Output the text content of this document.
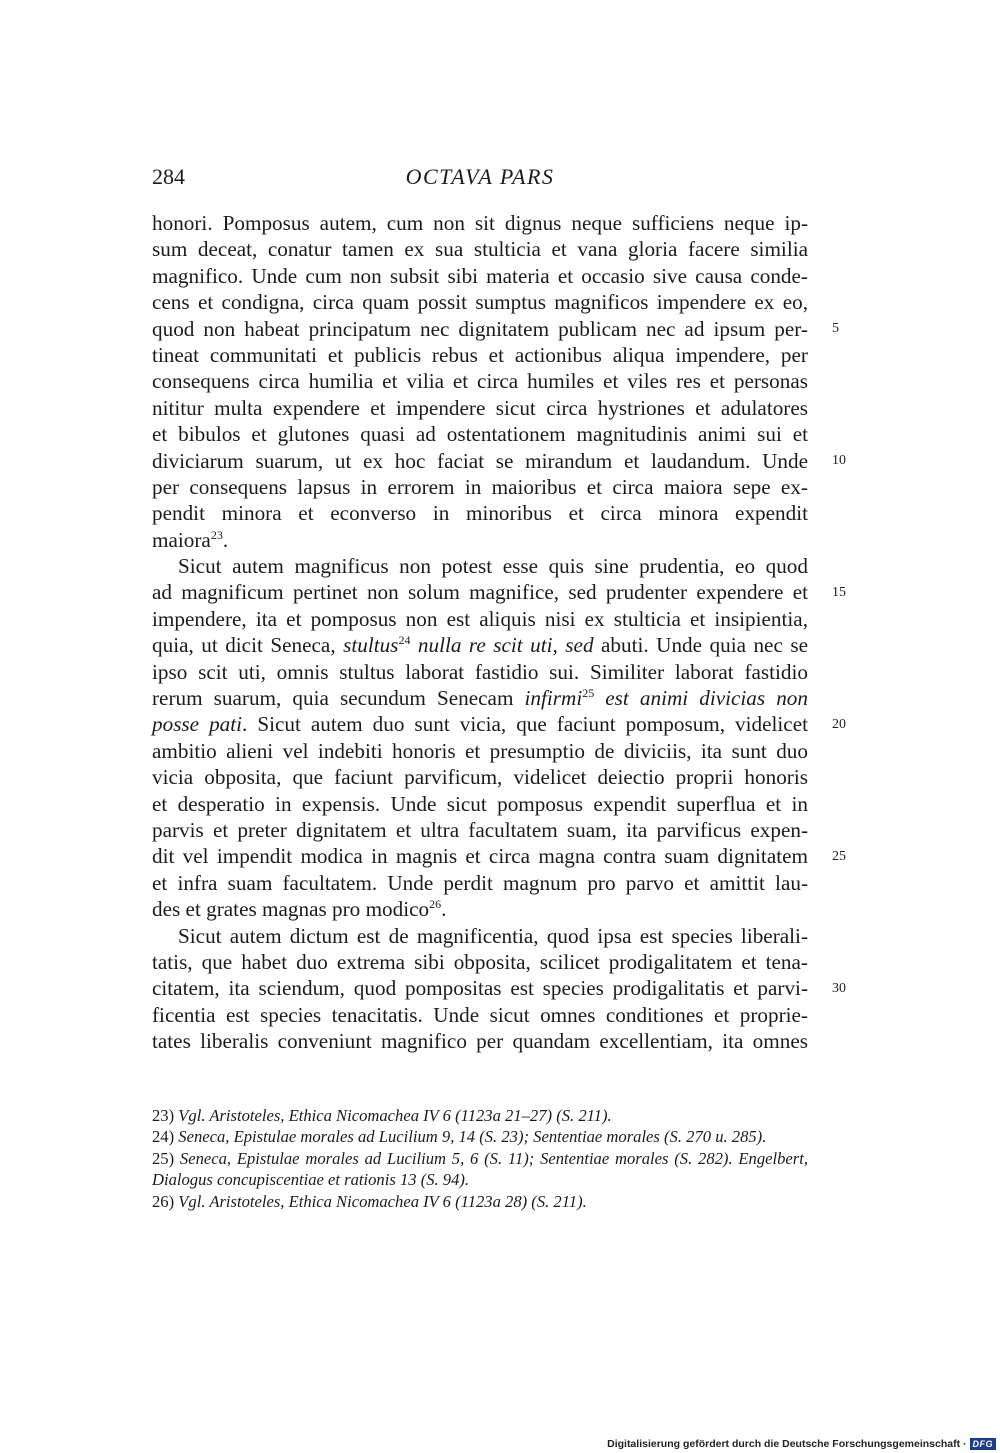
284	OCTAVA PARS
honori. Pomposus autem, cum non sit dignus neque sufficiens neque ip-
sum deceat, conatur tamen ex sua stulticia et vana gloria facere similia
magnifico. Unde cum non subsit sibi materia et occasio sive causa conde-
cens et condigna, circa quam possit sumptus magnificos impendere ex eo,
quod non habeat principatum nec dignitatem publicam nec ad ipsum per-
tineat communitati et publicis rebus et actionibus aliqua impendere, per
consequens circa humilia et vilia et circa humiles et viles res et personas
nititur multa expendere et impendere sicut circa hystriones et adulatores
et bibulos et glutones quasi ad ostentationem magnitudinis animi sui et
diviciarum suarum, ut ex hoc faciat se mirandum et laudandum. Unde
per consequens lapsus in errorem in maioribus et circa maiora sepe ex-
pendit minora et econverso in minoribus et circa minora expendit
maiora$^{23}$.
Sicut autem magnificus non potest esse quis sine prudentia, eo quod
ad magnificum pertinet non solum magnifice, sed prudenter expendere et
impendere, ita et pomposus non est aliquis nisi ex stulticia et insipientia,
quia, ut dicit Seneca, stultus$^{24}$ nulla re scit uti, sed abuti. Unde quia nec se
ipso scit uti, omnis stultus laborat fastidio sui. Similiter laborat fastidio
rerum suarum, quia secundum Senecam infirmi$^{25}$ est animi divicias non
posse pati. Sicut autem duo sunt vicia, que faciunt pomposum, videlicet
ambitio alieni vel indebiti honoris et presumptio de diviciis, ita sunt duo
vicia obposita, que faciunt parvificum, videlicet deiectio proprii honoris
et desperatio in expensis. Unde sicut pomposus expendit superflua et in
parvis et preter dignitatem et ultra facultatem suam, ita parvificus expen-
dit vel impendit modica in magnis et circa magna contra suam dignitatem
et infra suam facultatem. Unde perdit magnum pro parvo et amittit lau-
des et grates magnas pro modico$^{26}$.
Sicut autem dictum est de magnificentia, quod ipsa est species liberali-
tatis, que habet duo extrema sibi obposita, scilicet prodigalitatem et tena-
citatem, ita sciendum, quod pompositas est species prodigalitatis et parvi-
ficentia est species tenacitatis. Unde sicut omnes conditiones et proprie-
tates liberalis conveniunt magnifico per quandam excellentiam, ita omnes
5
10
15
20
25
30
23) Vgl. Aristoteles, Ethica Nicomachea IV 6 (1123a 21–27) (S. 211).
24) Seneca, Epistulae morales ad Lucilium 9, 14 (S. 23); Sententiae morales (S. 270 u. 285).
25) Seneca, Epistulae morales ad Lucilium 5, 6 (S. 11); Sententiae morales (S. 282). Engelbert, Dialogus concupiscentiae et rationis 13 (S. 94).
26) Vgl. Aristoteles, Ethica Nicomachea IV 6 (1123a 28) (S. 211).
Digitalisierung gefördert durch die Deutsche Forschungsgemeinschaft · DFG
